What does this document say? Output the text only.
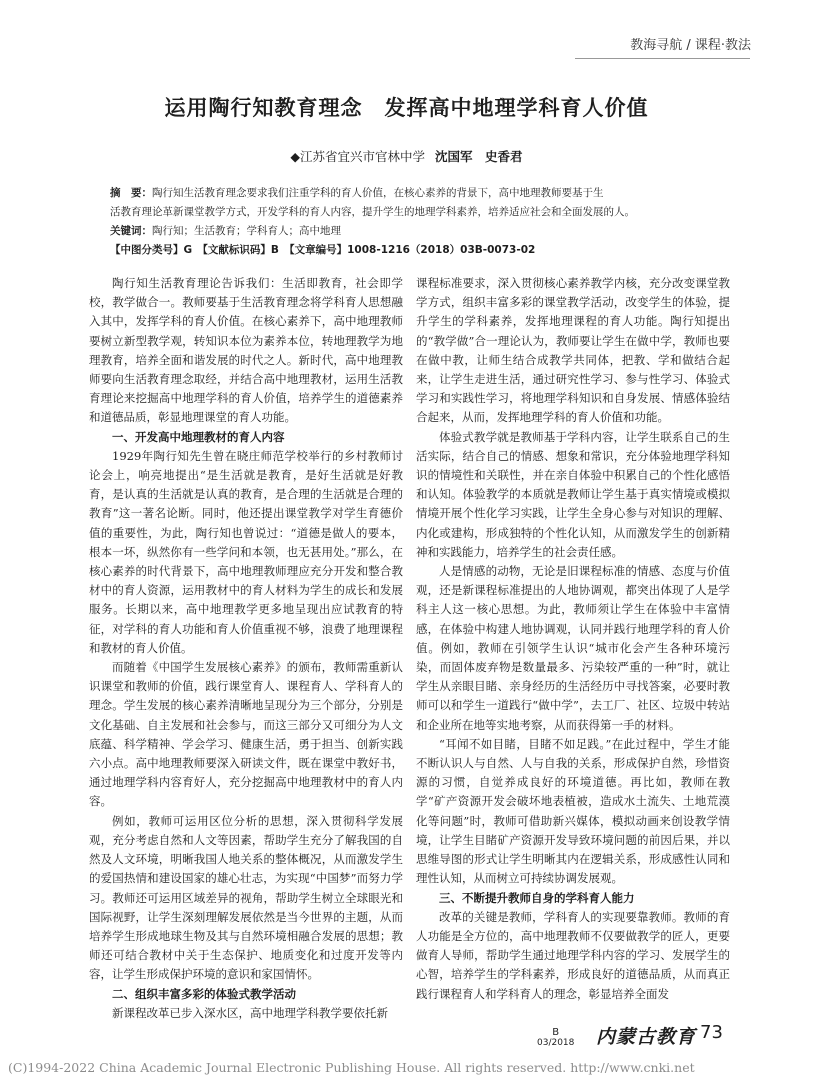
教海寻航 / 课程·教法
运用陶行知教育理念　发挥高中地理学科育人价值
◆江苏省宜兴市官林中学 沈国军　史香君
摘　要：陶行知生活教育理念要求我们注重学科的育人价值，在核心素养的背景下，高中地理教师要基于生
活教育理论革新课堂教学方式，开发学科的育人内容，提升学生的地理学科素养，培养适应社会和全面发展的人。
关键词：陶行知；生活教育；学科育人；高中地理
【中图分类号】G　【文献标识码】B　【文章编号】1008-1216（2018）03B-0073-02

陶行知生活教育理论告诉我们：生活即教育，社会即学校，教学做合一。教师要基于生活教育理念将学科育人思想融入其中，发挥学科的育人价值。在核心素养下，高中地理教师要树立新型教学观，转知识本位为素养本位，转地理教学为地理教育，培养全面和谐发展的时代之人。新时代，高中地理教师要向生活教育理念取经，并结合高中地理教材，运用生活教育理论来挖掘高中地理学科的育人价值，培养学生的道德素养和道德品质，彰显地理课堂的育人功能。

一、开发高中地理教材的育人内容

1929年陶行知先生曾在晓庄师范学校举行的乡村教师讨论会上，响亮地提出“是生活就是教育，是好生活就是好教育，是认真的生活就是认真的教育，是合理的生活就是合理的教育”这一著名论断。同时，他还提出课堂教学对学生育德价值的重要性，为此，陶行知也曾说过：“道德是做人的要本，根本一坏，纵然你有一些学问和本领，也无甚用处。”那么，在核心素养的时代背景下，高中地理教师理应充分开发和整合教材中的育人资源，运用教材中的育人材料为学生的成长和发展服务。长期以来，高中地理教学更多地呈现出应试教育的特征，对学科的育人功能和育人价值重视不够，浪费了地理课程和教材的育人价值。

而随着《中国学生发展核心素养》的颁布，教师需重新认识课堂和教师的价值，践行课堂育人、课程育人、学科育人的理念。学生发展的核心素养清晰地呈现分为三个部分，分别是文化基础、自主发展和社会参与，而这三部分又可细分为人文底蕴、科学精神、学会学习、健康生活，勇于担当、创新实践六小点。高中地理教师要深入研读文件，既在课堂中教好书，通过地理学科内容育好人，充分挖掘高中地理教材中的育人内容。

例如，教师可运用区位分析的思想，深入贯彻科学发展观，充分考虑自然和人文等因素，帮助学生充分了解我国的自然及人文环境，明晰我国人地关系的整体概况，从而激发学生的爱国热情和建设国家的雄心壮志，为实现“中国梦”而努力学习。教师还可运用区域差异的视角，帮助学生树立全球眼光和国际视野，让学生深刻理解发展依然是当今世界的主题，从而培养学生形成地球生物及其与自然环境相融合发展的思想；教师还可结合教材中关于生态保护、地质变化和过度开发等内容，让学生形成保护环境的意识和家国情怀。

二、组织丰富多彩的体验式教学活动

新课程改革已步入深水区，高中地理学科教学要依托新

课程标准要求，深入贯彻核心素养教学内核，充分改变课堂教学方式，组织丰富多彩的课堂教学活动，改变学生的体验，提升学生的学科素养，发挥地理课程的育人功能。陶行知提出的“教学做”合一理论认为，教师要让学生在做中学，教师也要在做中教，让师生结合成教学共同体，把教、学和做结合起来，让学生走进生活，通过研究性学习、参与性学习、体验式学习和实践性学习，将地理学科知识和自身发展、情感体验结合起来，从而，发挥地理学科的育人价值和功能。

体验式教学就是教师基于学科内容，让学生联系自己的生活实际，结合自己的情感、想象和常识，充分体验地理学科知识的情境性和关联性，并在亲自体验中积累自己的个性化感悟和认知。体验教学的本质就是教师让学生基于真实情境或模拟情境开展个性化学习实践，让学生全身心参与对知识的理解、内化或建构，形成独特的个性化认知，从而激发学生的创新精神和实践能力，培养学生的社会责任感。

人是情感的动物，无论是旧课程标准的情感、态度与价值观，还是新课程标准提出的人地协调观，都突出体现了人是学科主人这一核心思想。为此，教师须让学生在体验中丰富情感，在体验中构建人地协调观，认同并践行地理学科的育人价值。例如，教师在引领学生认识“城市化会产生各种环境污染，而固体废弃物是数量最多、污染较严重的一种”时，就让学生从亲眼目睹、亲身经历的生活经历中寻找答案，必要时教师可以和学生一道践行“做中学”，去工厂、社区、垃圾中转站和企业所在地等实地考察，从而获得第一手的材料。

“耳闻不如目睹，目睹不如足践。”在此过程中，学生才能不断认识人与自然、人与自我的关系，形成保护自然，珍惜资源的习惯，自觉养成良好的环境道德。再比如，教师在教学“矿产资源开发会破坏地表植被，造成水土流失、土地荒漠化等问题”时，教师可借助新兴媒体，模拟动画来创设教学情境，让学生目睹矿产资源开发导致环境问题的前因后果，并以思维导图的形式让学生明晰其内在逻辑关系，形成感性认同和理性认知，从而树立可持续协调发展观。

三、不断提升教师自身的学科育人能力

改革的关键是教师，学科育人的实现要靠教师。教师的育人功能是全方位的，高中地理教师不仅要做教学的匠人，更要做育人导师，帮助学生通过地理学科内容的学习、发展学生的心智，培养学生的学科素养，形成良好的道德品质，从而真正践行课程育人和学科育人的理念，彰显培养全面发

B
03/2018 内蒙古教育 73
(C)1994-2022 China Academic Journal Electronic Publishing House. All rights reserved. http://www.cnki.net
